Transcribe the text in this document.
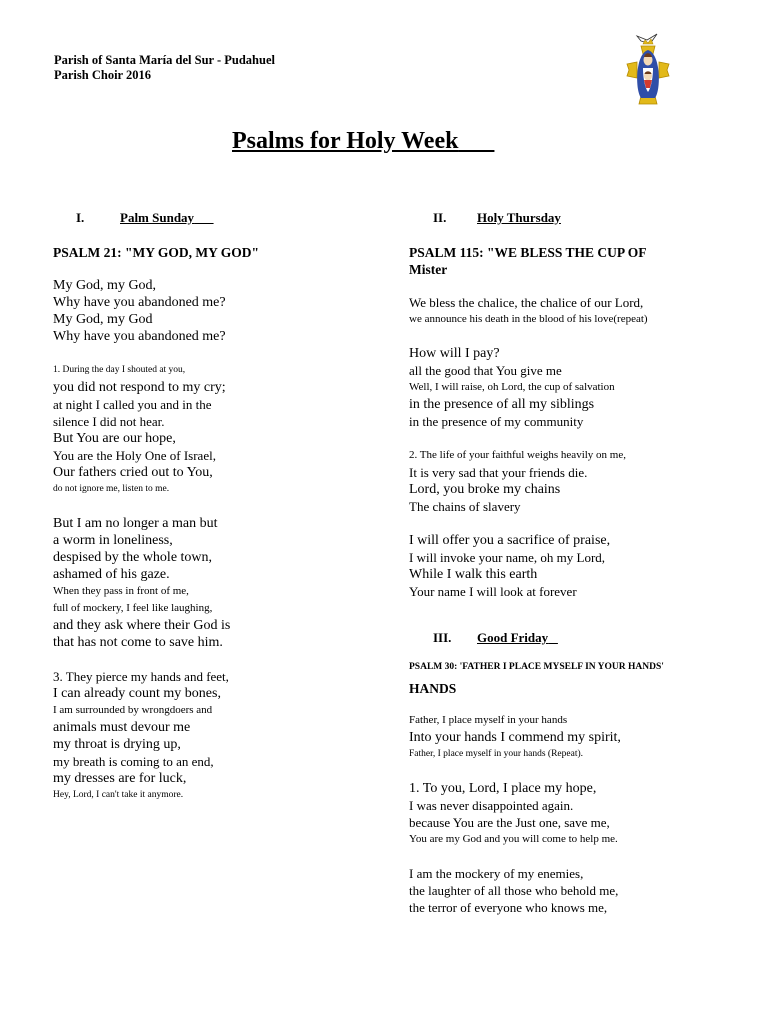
Parish of Santa María del Sur - Pudahuel
Parish Choir 2016
Psalms for Holy Week
I.	Palm Sunday
PSALM 21: "MY GOD, MY GOD"
My God, my God,
Why have you abandoned me?
My God, my God
Why have you abandoned me?
1. During the day I shouted at you,
you did not respond to my cry;
at night I called you and in the
silence I did not hear.
But You are our hope,
You are the Holy One of Israel,
Our fathers cried out to You,
do not ignore me, listen to me.
But I am no longer a man but
a worm in loneliness,
despised by the whole town,
ashamed of his gaze.
When they pass in front of me,
full of mockery, I feel like laughing,
and they ask where their God is
that has not come to save him.
3. They pierce my hands and feet,
I can already count my bones,
I am surrounded by wrongdoers and
animals must devour me
my throat is drying up,
my breath is coming to an end,
my dresses are for luck,
Hey, Lord, I can't take it anymore.
II. Holy Thursday
PSALM 115: "WE BLESS THE CUP OF
Mister
We bless the chalice, the chalice of our Lord,
we announce his death in the blood of his love(repeat)
How will I pay?
all the good that You give me
Well, I will raise, oh Lord, the cup of salvation
in the presence of all my siblings
in the presence of my community
2. The life of your faithful weighs heavily on me,
It is very sad that your friends die.
Lord, you broke my chains
The chains of slavery
I will offer you a sacrifice of praise,
I will invoke your name, oh my Lord,
While I walk this earth
Your name I will look at forever
III. Good Friday
PSALM 30: 'FATHER I PLACE MYSELF IN YOUR HANDS'
HANDS
Father, I place myself in your hands
Into your hands I commend my spirit,
Father, I place myself in your hands (Repeat).
1. To you, Lord, I place my hope,
I was never disappointed again.
because You are the Just one, save me,
You are my God and you will come to help me.
I am the mockery of my enemies,
the laughter of all those who behold me,
the terror of everyone who knows me,
